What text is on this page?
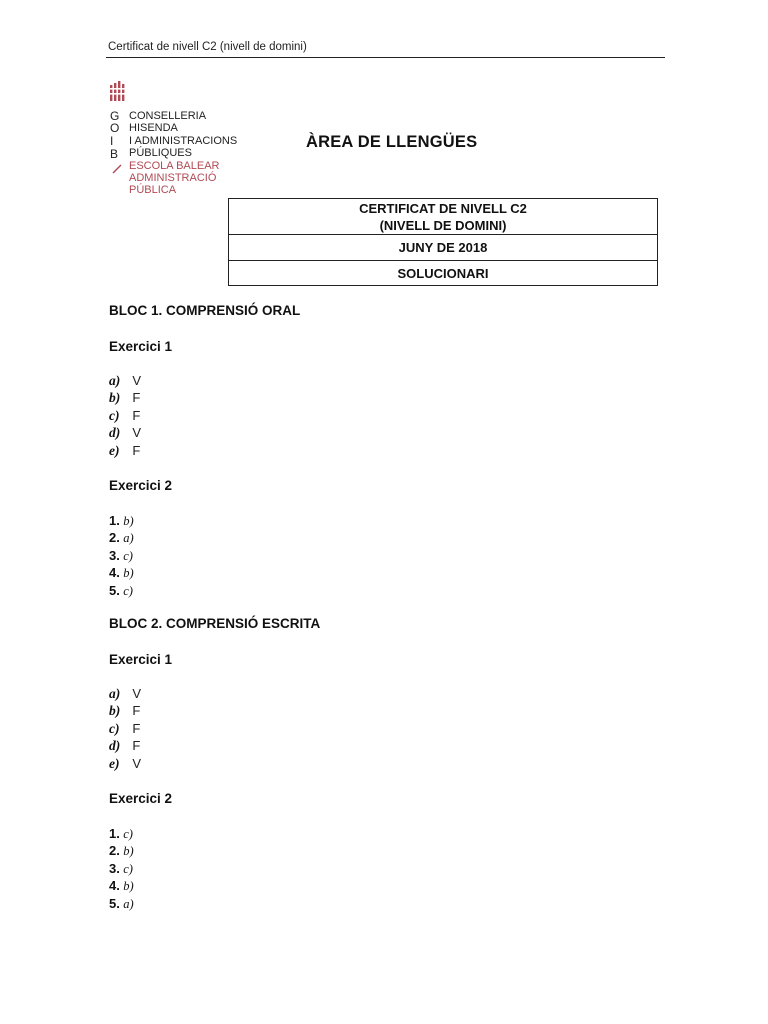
Certificat de nivell C2 (nivell de domini)
G
O
I
B
CONSELLERIA
HISENDA
I ADMINISTRACIONS
PÚBLIQUES
ESCOLA BALEAR
ADMINISTRACIÓ
PÚBLICA
ÀREA DE LLENGÜES
CERTIFICAT DE NIVELL C2
(NIVELL DE DOMINI)

JUNY DE 2018
SOLUCIONARI
BLOC 1. COMPRENSIÓ ORAL
Exercici 1
a) V
b) F
c) F
d) V
e) F
Exercici 2
1. b)
2. a)
3. c)
4. b)
5. c)
BLOC 2. COMPRENSIÓ ESCRITA
Exercici 1
a) V
b) F
c) F
d) F
e) V
Exercici 2
1. c)
2. b)
3. c)
4. b)
5. a)
